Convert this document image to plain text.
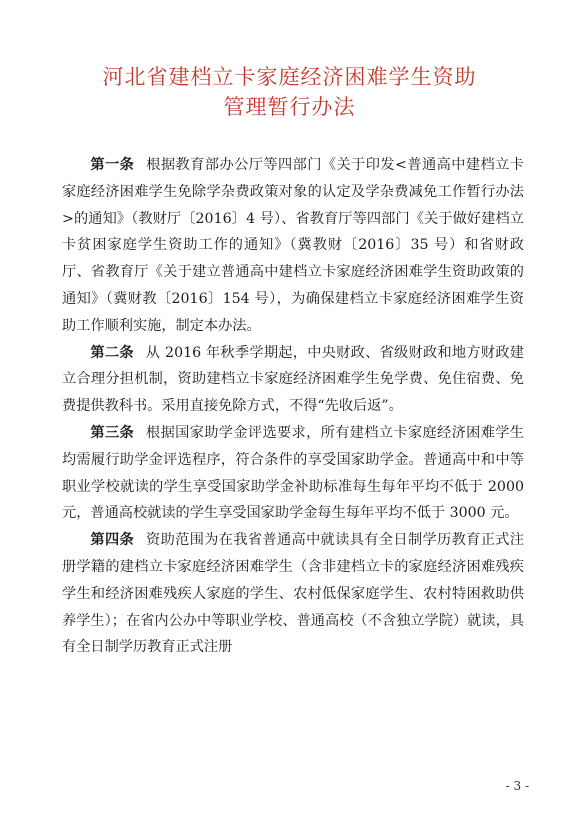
河北省建档立卡家庭经济困难学生资助
管理暂行办法

第一条 根据教育部办公厅等四部门《关于印发<普通高中建档立卡家庭经济困难学生免除学杂费政策对象的认定及学杂费减免工作暂行办法>的通知》（教财厅〔2016〕4 号）、省教育厅等四部门《关于做好建档立卡贫困家庭学生资助工作的通知》（冀教财〔2016〕35 号）和省财政厅、省教育厅《关于建立普通高中建档立卡家庭经济困难学生资助政策的通知》（冀财教〔2016〕154 号），为确保建档立卡家庭经济困难学生资助工作顺利实施，制定本办法。

第二条 从 2016 年秋季学期起，中央财政、省级财政和地方财政建立合理分担机制，资助建档立卡家庭经济困难学生免学费、免住宿费、免费提供教科书。采用直接免除方式，不得“先收后返”。

第三条 根据国家助学金评选要求，所有建档立卡家庭经济困难学生均需履行助学金评选程序，符合条件的享受国家助学金。普通高中和中等职业学校就读的学生享受国家助学金补助标准每生每年平均不低于 2000 元，普通高校就读的学生享受国家助学金每生每年平均不低于 3000 元。

第四条 资助范围为在我省普通高中就读具有全日制学历教育正式注册学籍的建档立卡家庭经济困难学生（含非建档立卡的家庭经济困难残疾学生和经济困难残疾人家庭的学生、农村低保家庭学生、农村特困救助供养学生）；在省内公办中等职业学校、普通高校（不含独立学院）就读，具有全日制学历教育正式注册

- 3 -
